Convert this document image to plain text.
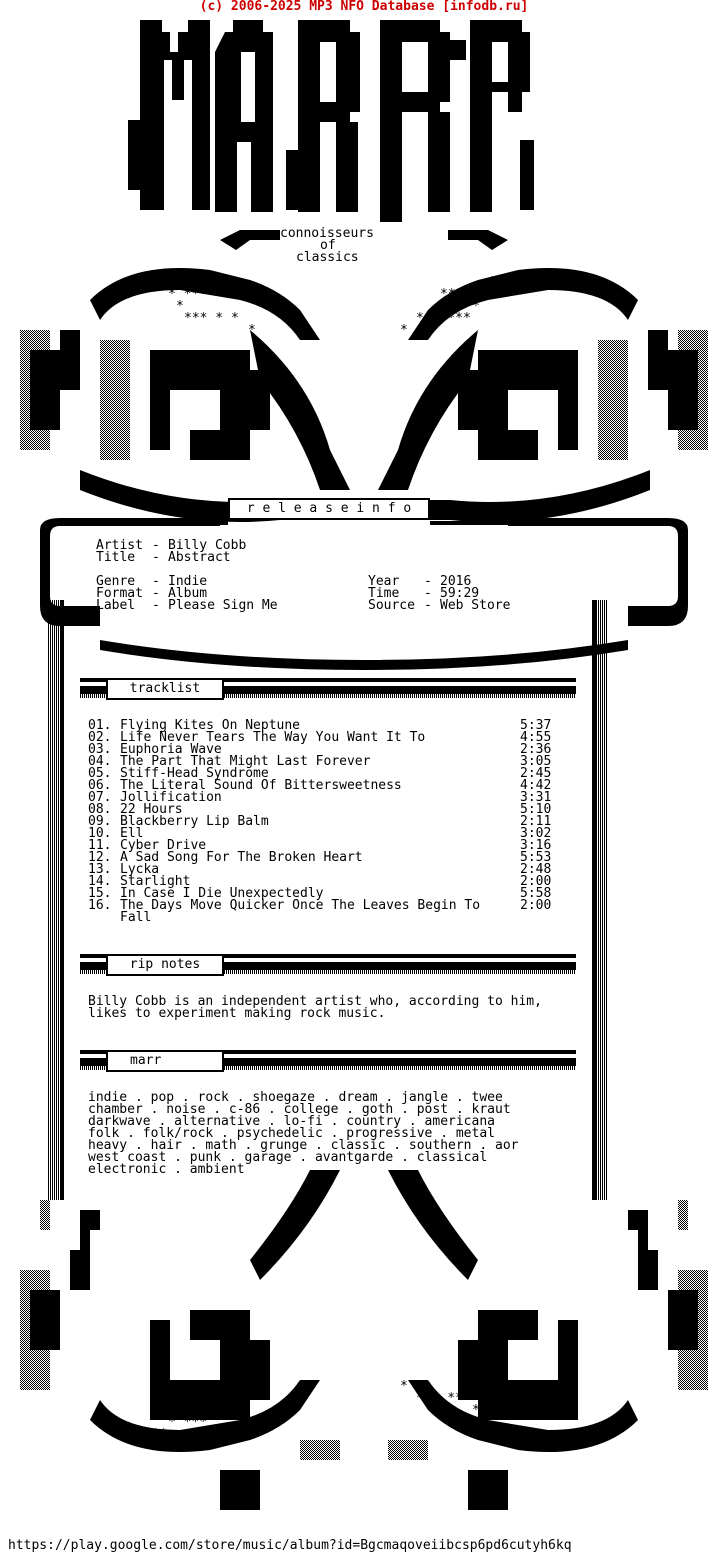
(c) 2006-2025 MP3 NFO Database [infodb.ru]
**
* ***
*
*** * *
*
**
*** *
*
* * ***
*
*
*** * *
*
* ***
**
*
* * ***
*
*** *
**
connoisseurs
of
classics
r e l e a s e i n f o
Artist - Billy Cobb
Title - Abstract
Genre - Indie
Format - Album
Label - Please Sign Me
Year - 2016
Time - 59:29
Source - Web Store
tracklist
01. Flying Kites On Neptune	5:37
02. Life Never Tears The Way You Want It To	4:55
03. Euphoria Wave	2:36
04. The Part That Might Last Forever	3:05
05. Stiff-Head Syndrome	2:45
06. The Literal Sound Of Bittersweetness	4:42
07. Jollification	3:31
08. 22 Hours	5:10
09. Blackberry Lip Balm	2:11
10. Ell	3:02
11. Cyber Drive	3:16
12. A Sad Song For The Broken Heart	5:53
13. Lycka	2:48
14. Starlight	2:00
15. In Case I Die Unexpectedly	5:58
16. The Days Move Quicker Once The Leaves Begin To	2:00
Fall
rip notes
Billy Cobb is an independent artist who, according to him,
likes to experiment making rock music.
marr
indie . pop . rock . shoegaze . dream . jangle . twee
chamber . noise . c-86 . college . goth . post . kraut
darkwave . alternative . lo-fi . country . americana
folk . folk/rock . psychedelic . progressive . metal
heavy . hair . math . grunge . classic . southern . aor
west coast . punk . garage . avantgarde . classical
electronic . ambient
https://play.google.com/store/music/album?id=Bgcmaqoveiibcsp6pd6cutyh6kq
